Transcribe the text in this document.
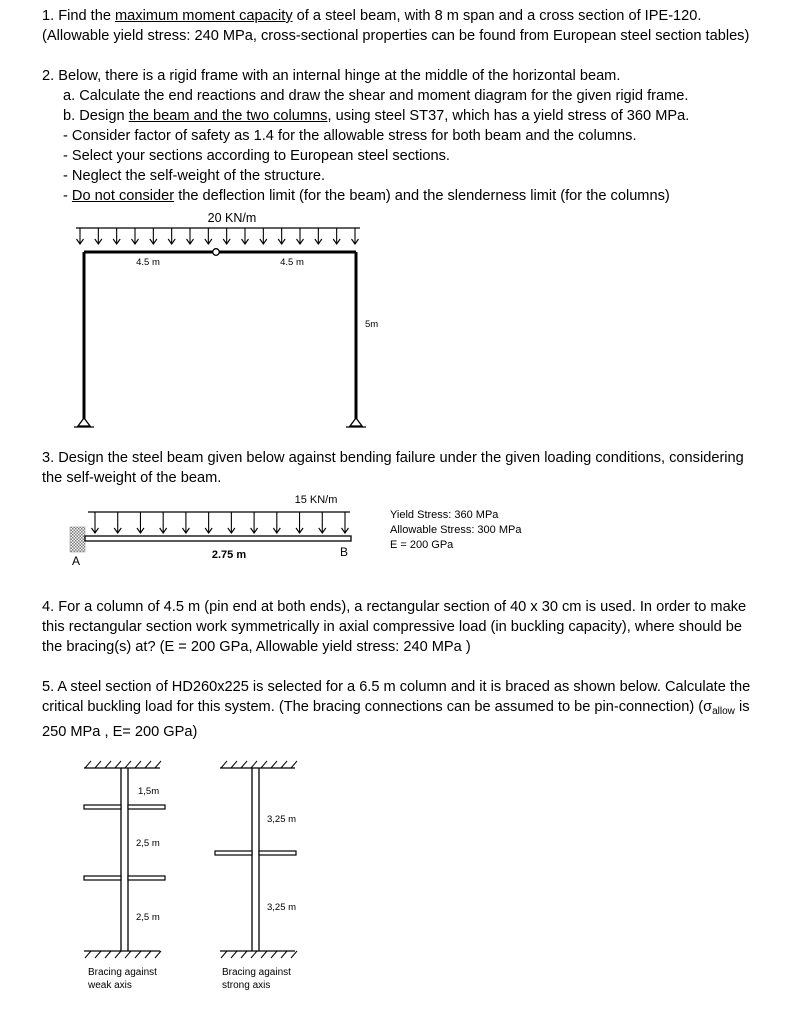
1. Find the maximum moment capacity of a steel beam, with 8 m span and a cross section of IPE-120.
(Allowable yield stress: 240 MPa, cross-sectional properties can be found from European steel section tables)
2. Below, there is a rigid frame with an internal hinge at the middle of the horizontal beam.
a. Calculate the end reactions and draw the shear and moment diagram for the given rigid frame.
b. Design the beam and the two columns, using steel ST37, which has a yield stress of 360 MPa.
- Consider factor of safety as 1.4 for the allowable stress for both beam and the columns.
- Select your sections according to European steel sections.
- Neglect the self-weight of the structure.
- Do not consider the deflection limit (for the beam) and the slenderness limit (for the columns)
20 KN/m
4.5 m	4.5 m
5m
3. Design the steel beam given below against bending failure under the given loading conditions, considering
the self-weight of the beam.
15 KN/m
A	2.75 m	B
Yield Stress: 360 MPa
Allowable Stress: 300 MPa
E = 200 GPa
4. For a column of 4.5 m (pin end at both ends), a rectangular section of 40 x 30 cm is used. In order to make
this rectangular section work symmetrically in axial compressive load (in buckling capacity), where should be
the bracing(s) at? (E = 200 GPa, Allowable yield stress: 240 MPa )
5. A steel section of HD260x225 is selected for a 6.5 m column and it is braced as shown below. Calculate the
critical buckling load for this system. (The bracing connections can be assumed to be pin-connection) ($\sigma_{allow}$ is
250 MPa , E= 200 GPa)
1,5m
2,5 m
2,5 m
Bracing against
weak axis
3,25 m
3,25 m
Bracing against
strong axis
